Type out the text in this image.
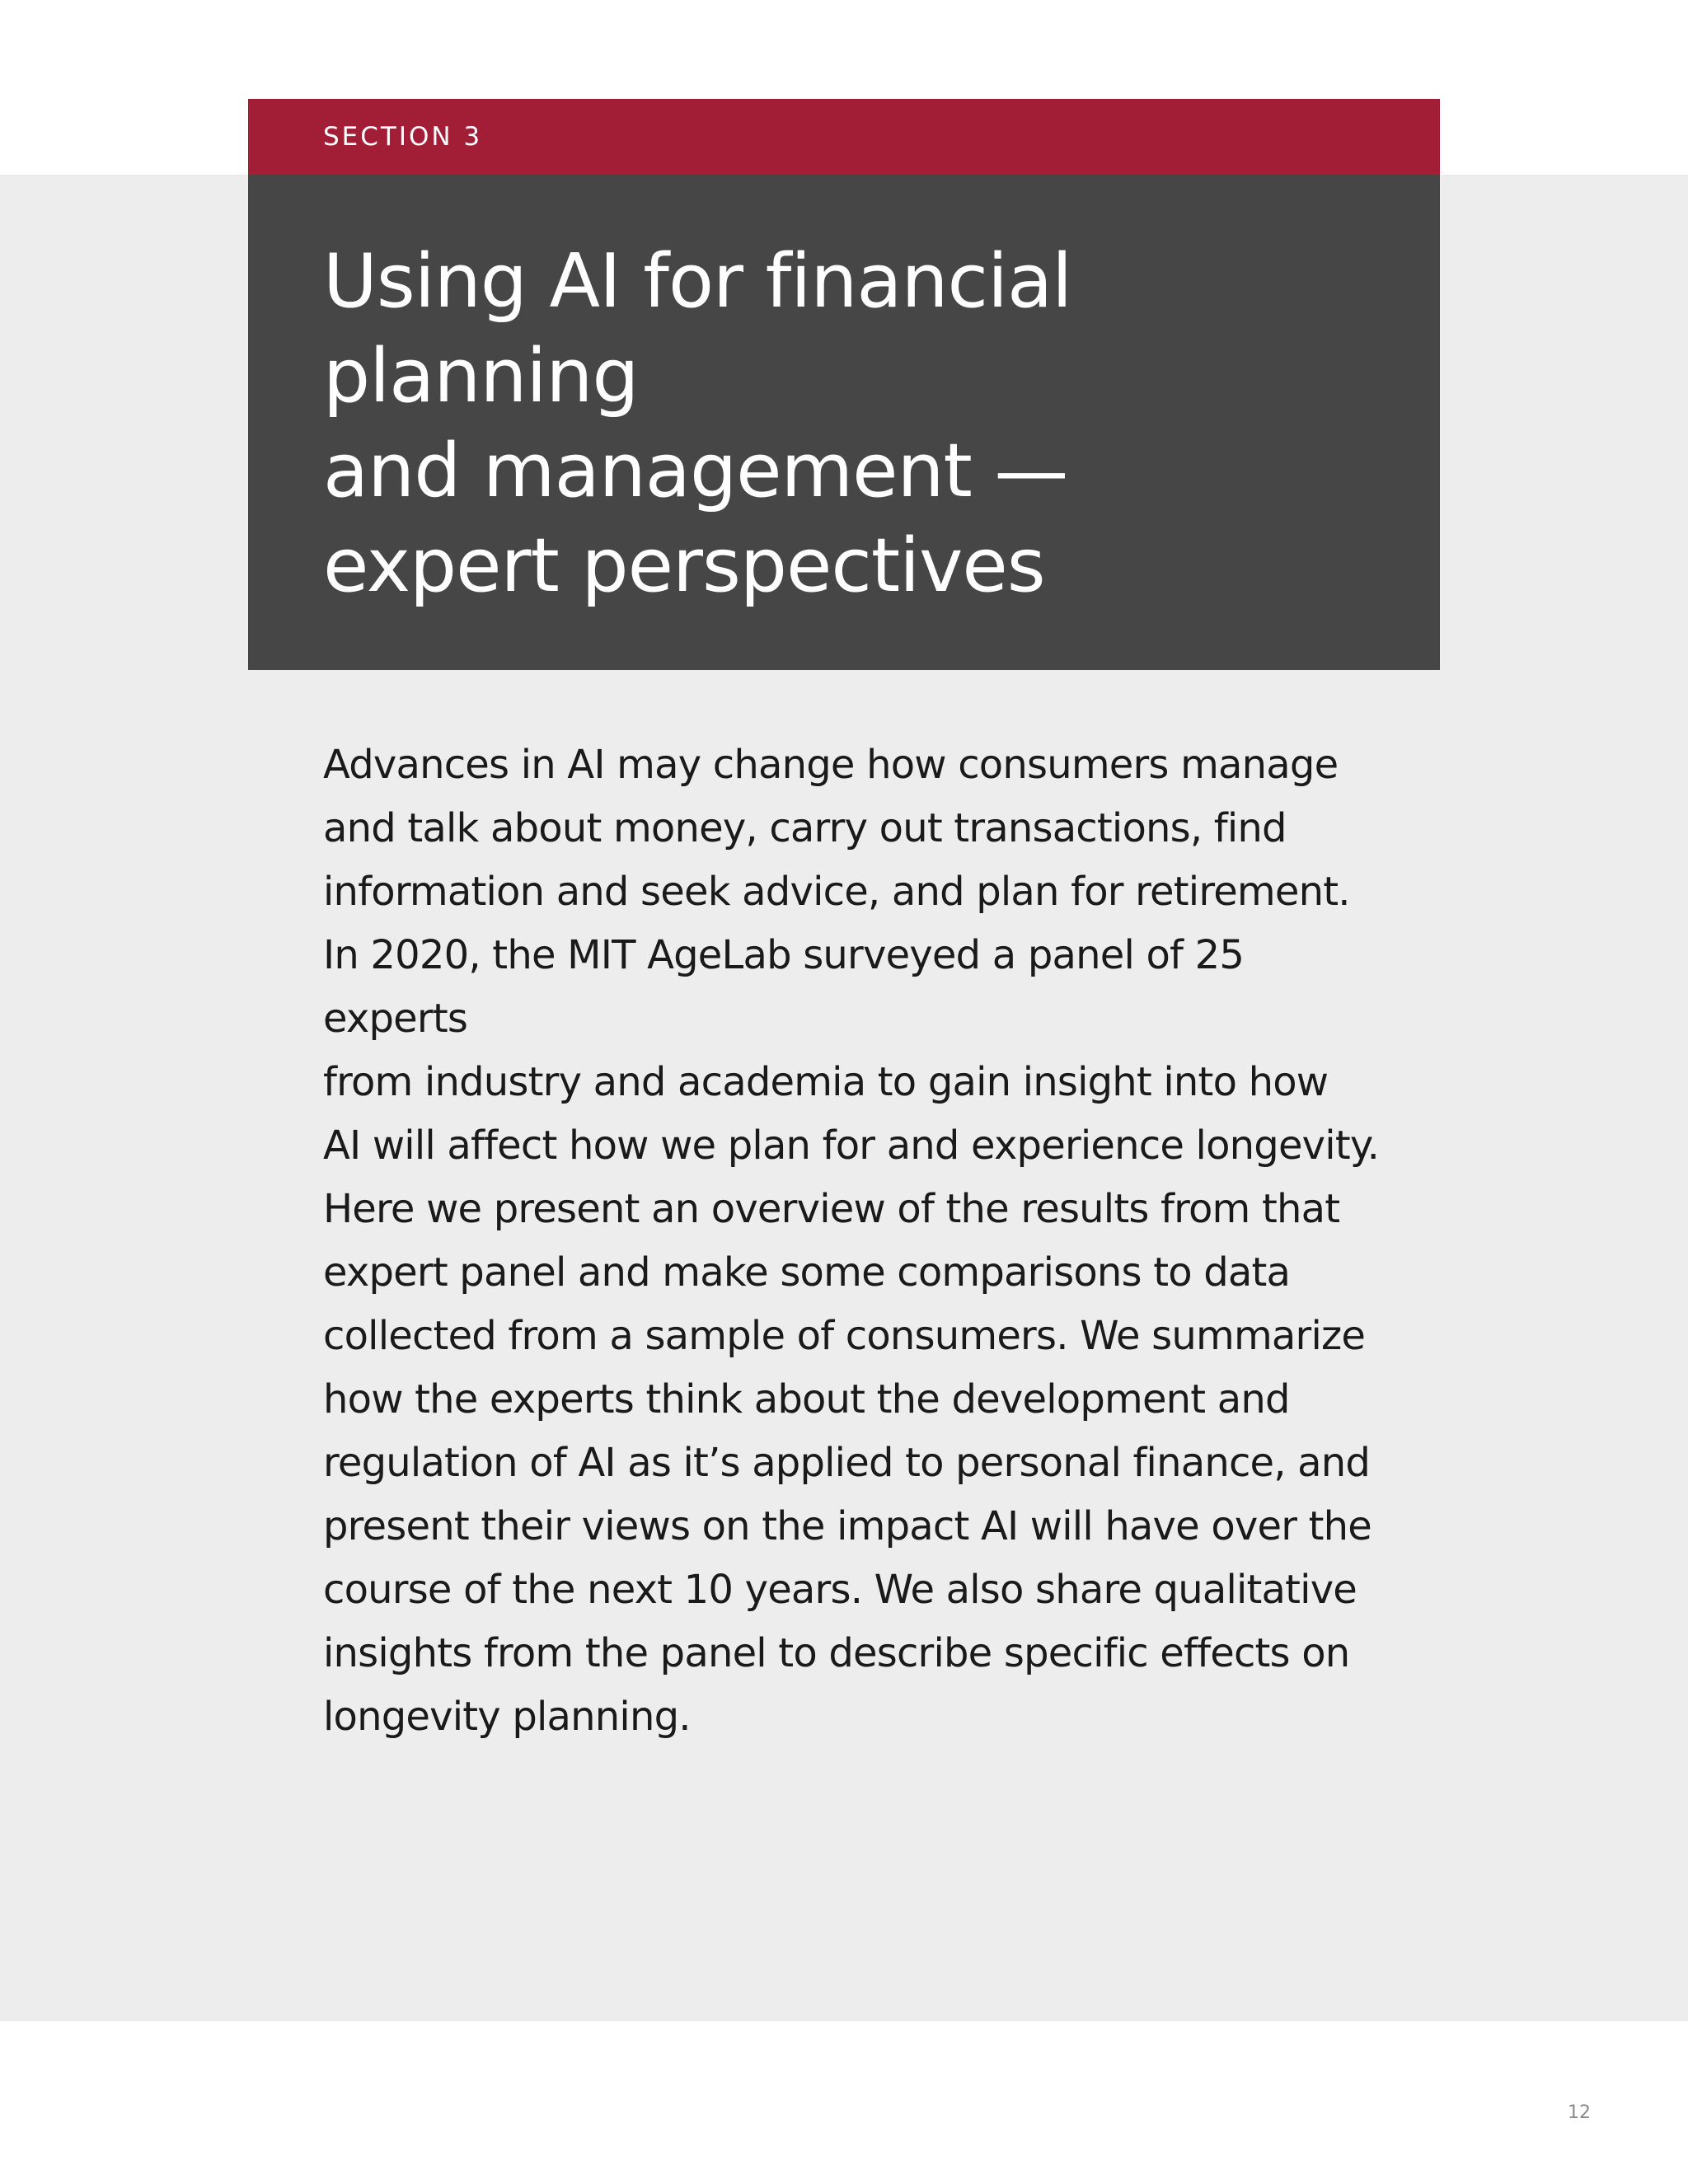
SECTION 3
Using AI for financial planning
and management —
expert perspectives

Advances in AI may change how consumers manage
and talk about money, carry out transactions, find
information and seek advice, and plan for retirement.
In 2020, the MIT AgeLab surveyed a panel of 25 experts
from industry and academia to gain insight into how
AI will affect how we plan for and experience longevity.
Here we present an overview of the results from that
expert panel and make some comparisons to data
collected from a sample of consumers. We summarize
how the experts think about the development and
regulation of AI as it’s applied to personal finance, and
present their views on the impact AI will have over the
course of the next 10 years. We also share qualitative
insights from the panel to describe specific effects on
longevity planning.

12
